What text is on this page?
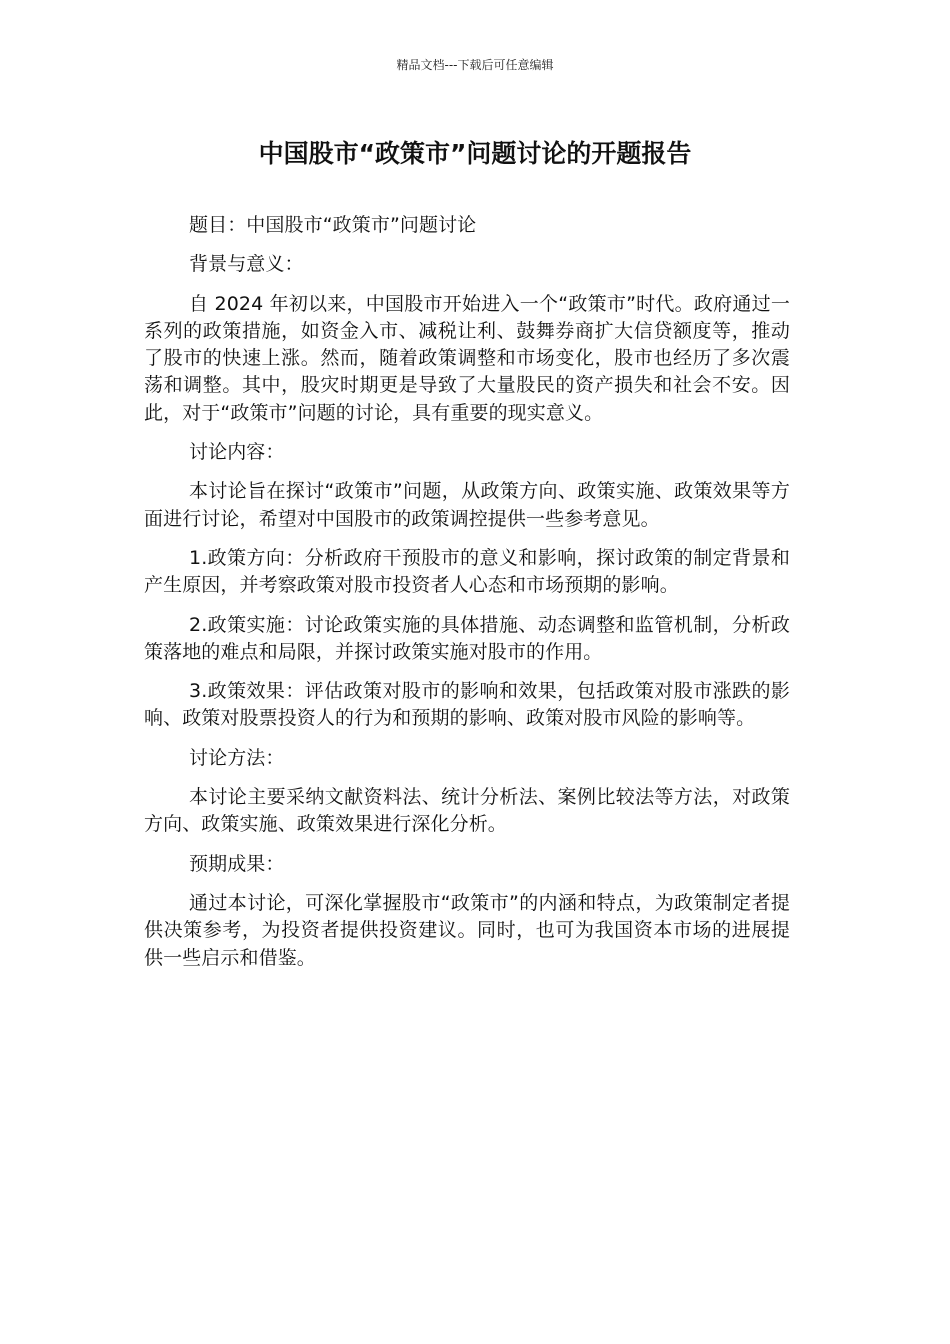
精品文档---下载后可任意编辑
中国股市“政策市”问题讨论的开题报告

题目：中国股市“政策市”问题讨论

背景与意义：

自 2024 年初以来，中国股市开始进入一个“政策市”时代。政府通过一系列的政策措施，如资金入市、减税让利、鼓舞券商扩大信贷额度等，推动了股市的快速上涨。然而，随着政策调整和市场变化，股市也经历了多次震荡和调整。其中，股灾时期更是导致了大量股民的资产损失和社会不安。因此，对于“政策市”问题的讨论，具有重要的现实意义。

讨论内容：

本讨论旨在探讨“政策市”问题，从政策方向、政策实施、政策效果等方面进行讨论，希望对中国股市的政策调控提供一些参考意见。

1.政策方向：分析政府干预股市的意义和影响，探讨政策的制定背景和产生原因，并考察政策对股市投资者人心态和市场预期的影响。

2.政策实施：讨论政策实施的具体措施、动态调整和监管机制，分析政策落地的难点和局限，并探讨政策实施对股市的作用。

3.政策效果：评估政策对股市的影响和效果，包括政策对股市涨跌的影响、政策对股票投资人的行为和预期的影响、政策对股市风险的影响等。

讨论方法：

本讨论主要采纳文献资料法、统计分析法、案例比较法等方法，对政策方向、政策实施、政策效果进行深化分析。

预期成果：

通过本讨论，可深化掌握股市“政策市”的内涵和特点，为政策制定者提供决策参考，为投资者提供投资建议。同时，也可为我国资本市场的进展提供一些启示和借鉴。
